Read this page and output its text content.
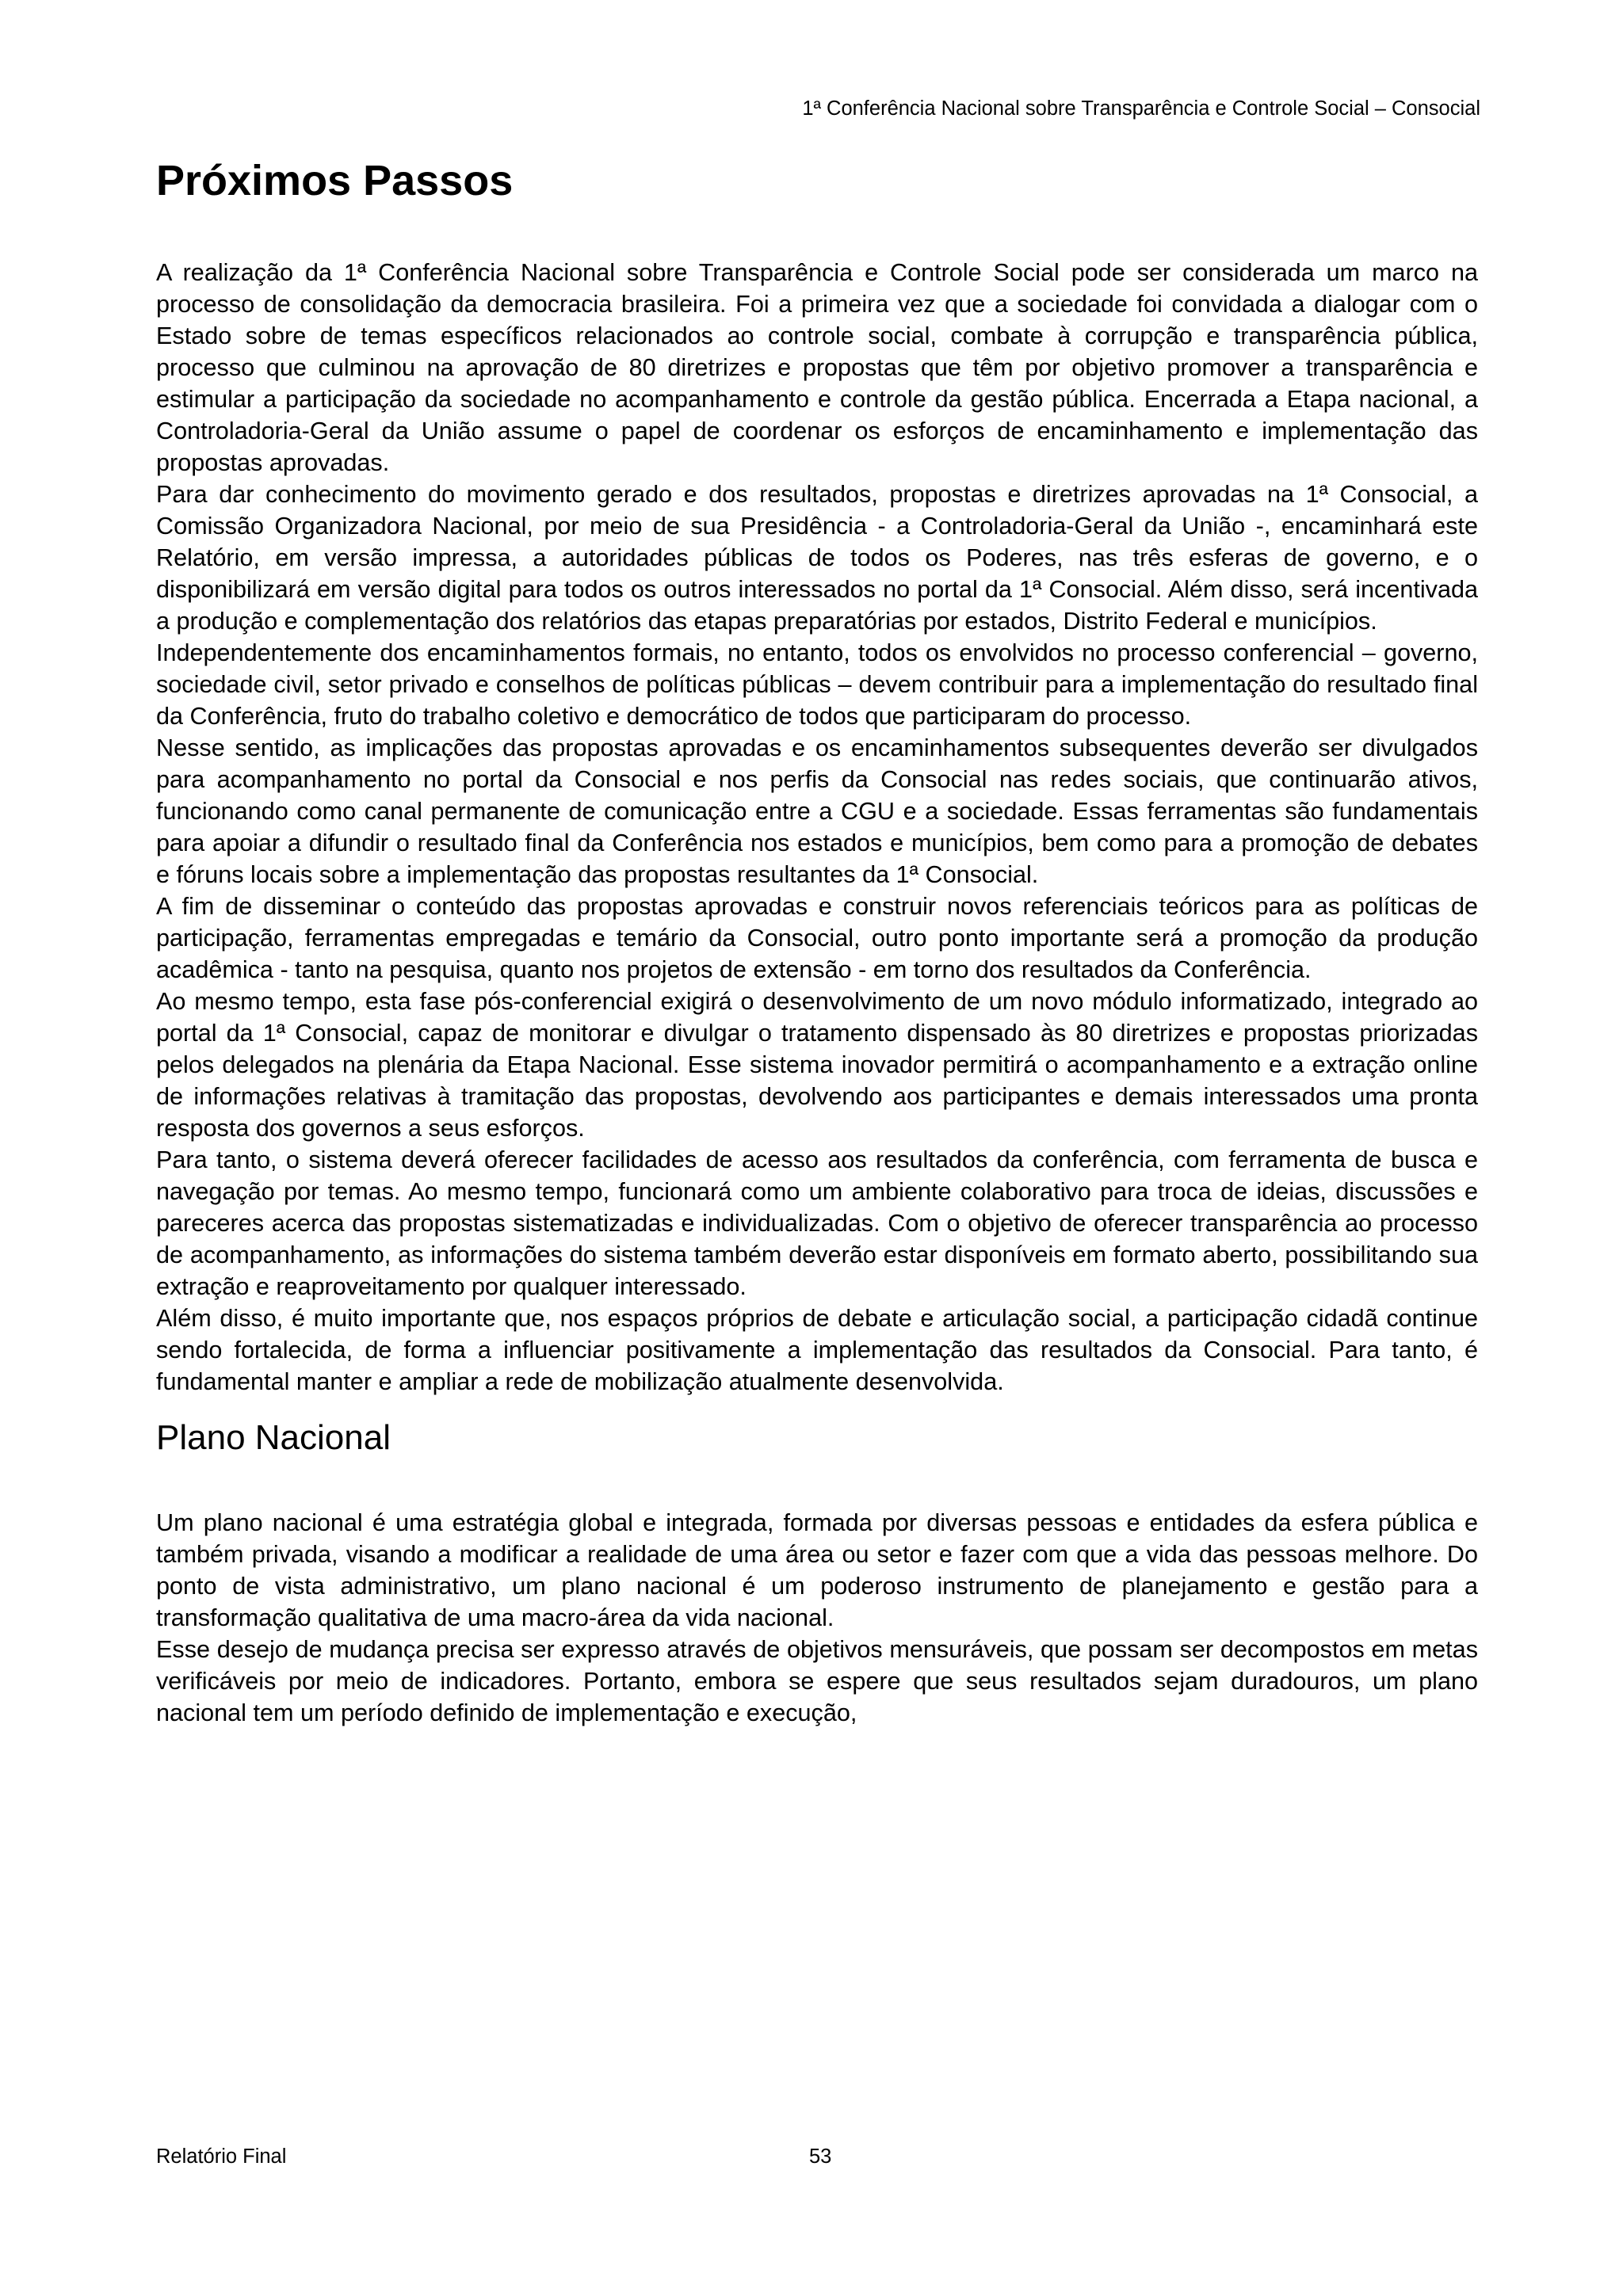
1ª Conferência Nacional sobre Transparência e Controle Social – Consocial
Próximos Passos

A realização da 1ª Conferência Nacional sobre Transparência e Controle Social pode ser considerada um marco na processo de consolidação da democracia brasileira. Foi a primeira vez que a sociedade foi convidada a dialogar com o Estado sobre de temas específicos relacionados ao controle social, combate à corrupção e transparência pública, processo que culminou na aprovação de 80 diretrizes e propostas que têm por objetivo promover a transparência e estimular a participação da sociedade no acompanhamento e controle da gestão pública. Encerrada a Etapa nacional, a Controladoria-Geral da União assume o papel de coordenar os esforços de encaminhamento e implementação das propostas aprovadas.

Para dar conhecimento do movimento gerado e dos resultados, propostas e diretrizes aprovadas na 1ª Consocial, a Comissão Organizadora Nacional, por meio de sua Presidência - a Controladoria-Geral da União -, encaminhará este Relatório, em versão impressa, a autoridades públicas de todos os Poderes, nas três esferas de governo, e o disponibilizará em versão digital para todos os outros interessados no portal da 1ª Consocial. Além disso, será incentivada a produção e complementação dos relatórios das etapas preparatórias por estados, Distrito Federal e municípios.

Independentemente dos encaminhamentos formais, no entanto, todos os envolvidos no processo conferencial – governo, sociedade civil, setor privado e conselhos de políticas públicas – devem contribuir para a implementação do resultado final da Conferência, fruto do trabalho coletivo e democrático de todos que participaram do processo.

Nesse sentido, as implicações das propostas aprovadas e os encaminhamentos subsequentes deverão ser divulgados para acompanhamento no portal da Consocial e nos perfis da Consocial nas redes sociais, que continuarão ativos, funcionando como canal permanente de comunicação entre a CGU e a sociedade. Essas ferramentas são fundamentais para apoiar a difundir o resultado final da Conferência nos estados e municípios, bem como para a promoção de debates e fóruns locais sobre a implementação das propostas resultantes da 1ª Consocial.

A fim de disseminar o conteúdo das propostas aprovadas e construir novos referenciais teóricos para as políticas de participação, ferramentas empregadas e temário da Consocial, outro ponto importante será a promoção da produção acadêmica - tanto na pesquisa, quanto nos projetos de extensão - em torno dos resultados da Conferência.

Ao mesmo tempo, esta fase pós-conferencial exigirá o desenvolvimento de um novo módulo informatizado, integrado ao portal da 1ª Consocial, capaz de monitorar e divulgar o tratamento dispensado às 80 diretrizes e propostas priorizadas pelos delegados na plenária da Etapa Nacional. Esse sistema inovador permitirá o acompanhamento e a extração online de informações relativas à tramitação das propostas, devolvendo aos participantes e demais interessados uma pronta resposta dos governos a seus esforços.

Para tanto, o sistema deverá oferecer facilidades de acesso aos resultados da conferência, com ferramenta de busca e navegação por temas. Ao mesmo tempo, funcionará como um ambiente colaborativo para troca de ideias, discussões e pareceres acerca das propostas sistematizadas e individualizadas. Com o objetivo de oferecer transparência ao processo de acompanhamento, as informações do sistema também deverão estar disponíveis em formato aberto, possibilitando sua extração e reaproveitamento por qualquer interessado.

Além disso, é muito importante que, nos espaços próprios de debate e articulação social, a participação cidadã continue sendo fortalecida, de forma a influenciar positivamente a implementação das resultados da Consocial. Para tanto, é fundamental manter e ampliar a rede de mobilização atualmente desenvolvida.

Plano Nacional

Um plano nacional é uma estratégia global e integrada, formada por diversas pessoas e entidades da esfera pública e também privada, visando a modificar a realidade de uma área ou setor e fazer com que a vida das pessoas melhore. Do ponto de vista administrativo, um plano nacional é um poderoso instrumento de planejamento e gestão para a transformação qualitativa de uma macro-área da vida nacional.

Esse desejo de mudança precisa ser expresso através de objetivos mensuráveis, que possam ser decompostos em metas verificáveis por meio de indicadores. Portanto, embora se espere que seus resultados sejam duradouros, um plano nacional tem um período definido de implementação e execução,

Relatório Final	53
